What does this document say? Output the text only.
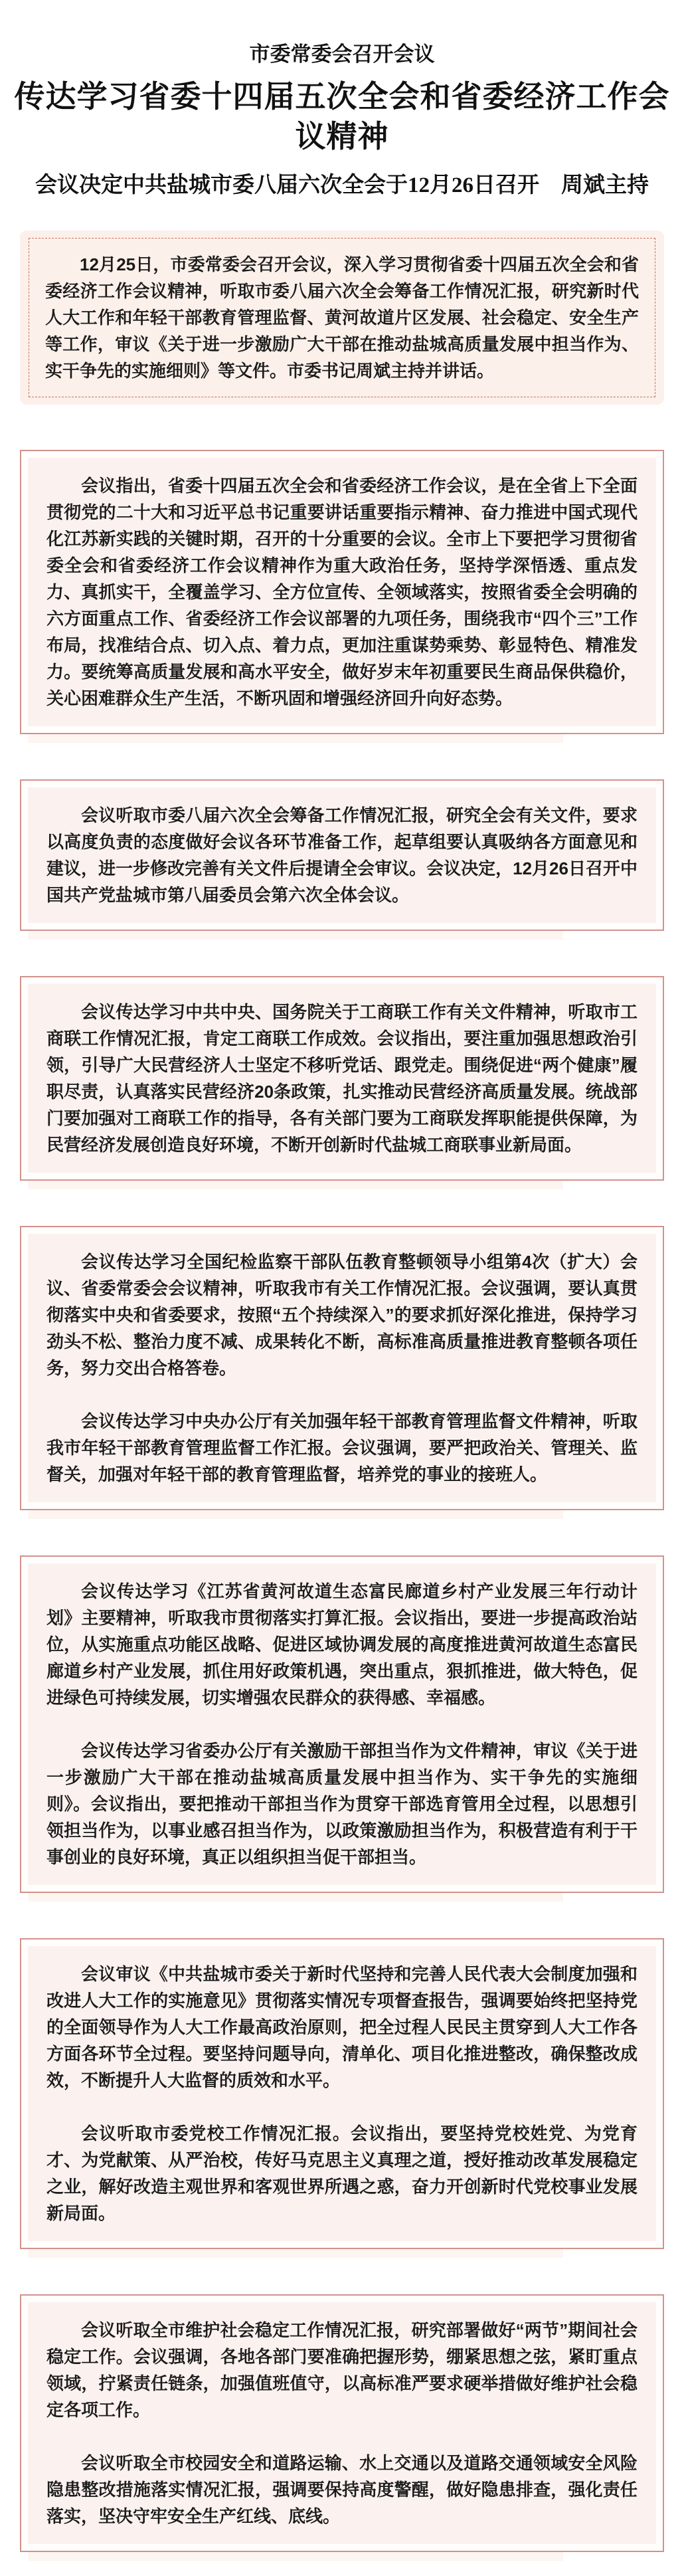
市委常委会召开会议
传达学习省委十四届五次全会和省委经济工作会议精神
会议决定中共盐城市委八届六次全会于12月26日召开　周斌主持

12月25日，市委常委会召开会议，深入学习贯彻省委十四届五次全会和省委经济工作会议精神，听取市委八届六次全会筹备工作情况汇报，研究新时代人大工作和年轻干部教育管理监督、黄河故道片区发展、社会稳定、安全生产等工作，审议《关于进一步激励广大干部在推动盐城高质量发展中担当作为、实干争先的实施细则》等文件。市委书记周斌主持并讲话。

会议指出，省委十四届五次全会和省委经济工作会议，是在全省上下全面贯彻党的二十大和习近平总书记重要讲话重要指示精神、奋力推进中国式现代化江苏新实践的关键时期，召开的十分重要的会议。全市上下要把学习贯彻省委全会和省委经济工作会议精神作为重大政治任务，坚持学深悟透、重点发力、真抓实干，全覆盖学习、全方位宣传、全领域落实，按照省委全会明确的六方面重点工作、省委经济工作会议部署的九项任务，围绕我市“四个三”工作布局，找准结合点、切入点、着力点，更加注重谋势乘势、彰显特色、精准发力。要统筹高质量发展和高水平安全，做好岁末年初重要民生商品保供稳价，关心困难群众生产生活，不断巩固和增强经济回升向好态势。

会议听取市委八届六次全会筹备工作情况汇报，研究全会有关文件，要求以高度负责的态度做好会议各环节准备工作，起草组要认真吸纳各方面意见和建议，进一步修改完善有关文件后提请全会审议。会议决定，12月26日召开中国共产党盐城市第八届委员会第六次全体会议。

会议传达学习中共中央、国务院关于工商联工作有关文件精神，听取市工商联工作情况汇报，肯定工商联工作成效。会议指出，要注重加强思想政治引领，引导广大民营经济人士坚定不移听党话、跟党走。围绕促进“两个健康”履职尽责，认真落实民营经济20条政策，扎实推动民营经济高质量发展。统战部门要加强对工商联工作的指导，各有关部门要为工商联发挥职能提供保障，为民营经济发展创造良好环境，不断开创新时代盐城工商联事业新局面。

会议传达学习全国纪检监察干部队伍教育整顿领导小组第4次（扩大）会议、省委常委会会议精神，听取我市有关工作情况汇报。会议强调，要认真贯彻落实中央和省委要求，按照“五个持续深入”的要求抓好深化推进，保持学习劲头不松、整治力度不减、成果转化不断，高标准高质量推进教育整顿各项任务，努力交出合格答卷。

会议传达学习中央办公厅有关加强年轻干部教育管理监督文件精神，听取我市年轻干部教育管理监督工作汇报。会议强调，要严把政治关、管理关、监督关，加强对年轻干部的教育管理监督，培养党的事业的接班人。

会议传达学习《江苏省黄河故道生态富民廊道乡村产业发展三年行动计划》主要精神，听取我市贯彻落实打算汇报。会议指出，要进一步提高政治站位，从实施重点功能区战略、促进区域协调发展的高度推进黄河故道生态富民廊道乡村产业发展，抓住用好政策机遇，突出重点，狠抓推进，做大特色，促进绿色可持续发展，切实增强农民群众的获得感、幸福感。

会议传达学习省委办公厅有关激励干部担当作为文件精神，审议《关于进一步激励广大干部在推动盐城高质量发展中担当作为、实干争先的实施细则》。会议指出，要把推动干部担当作为贯穿干部选育管用全过程，以思想引领担当作为，以事业感召担当作为，以政策激励担当作为，积极营造有利于干事创业的良好环境，真正以组织担当促干部担当。

会议审议《中共盐城市委关于新时代坚持和完善人民代表大会制度加强和改进人大工作的实施意见》贯彻落实情况专项督查报告，强调要始终把坚持党的全面领导作为人大工作最高政治原则，把全过程人民民主贯穿到人大工作各方面各环节全过程。要坚持问题导向，清单化、项目化推进整改，确保整改成效，不断提升人大监督的质效和水平。

会议听取市委党校工作情况汇报。会议指出，要坚持党校姓党、为党育才、为党献策、从严治校，传好马克思主义真理之道，授好推动改革发展稳定之业，解好改造主观世界和客观世界所遇之惑，奋力开创新时代党校事业发展新局面。

会议听取全市维护社会稳定工作情况汇报，研究部署做好“两节”期间社会稳定工作。会议强调，各地各部门要准确把握形势，绷紧思想之弦，紧盯重点领域，拧紧责任链条，加强值班值守，以高标准严要求硬举措做好维护社会稳定各项工作。

会议听取全市校园安全和道路运输、水上交通以及道路交通领域安全风险隐患整改措施落实情况汇报，强调要保持高度警醒，做好隐患排查，强化责任落实，坚决守牢安全生产红线、底线。
